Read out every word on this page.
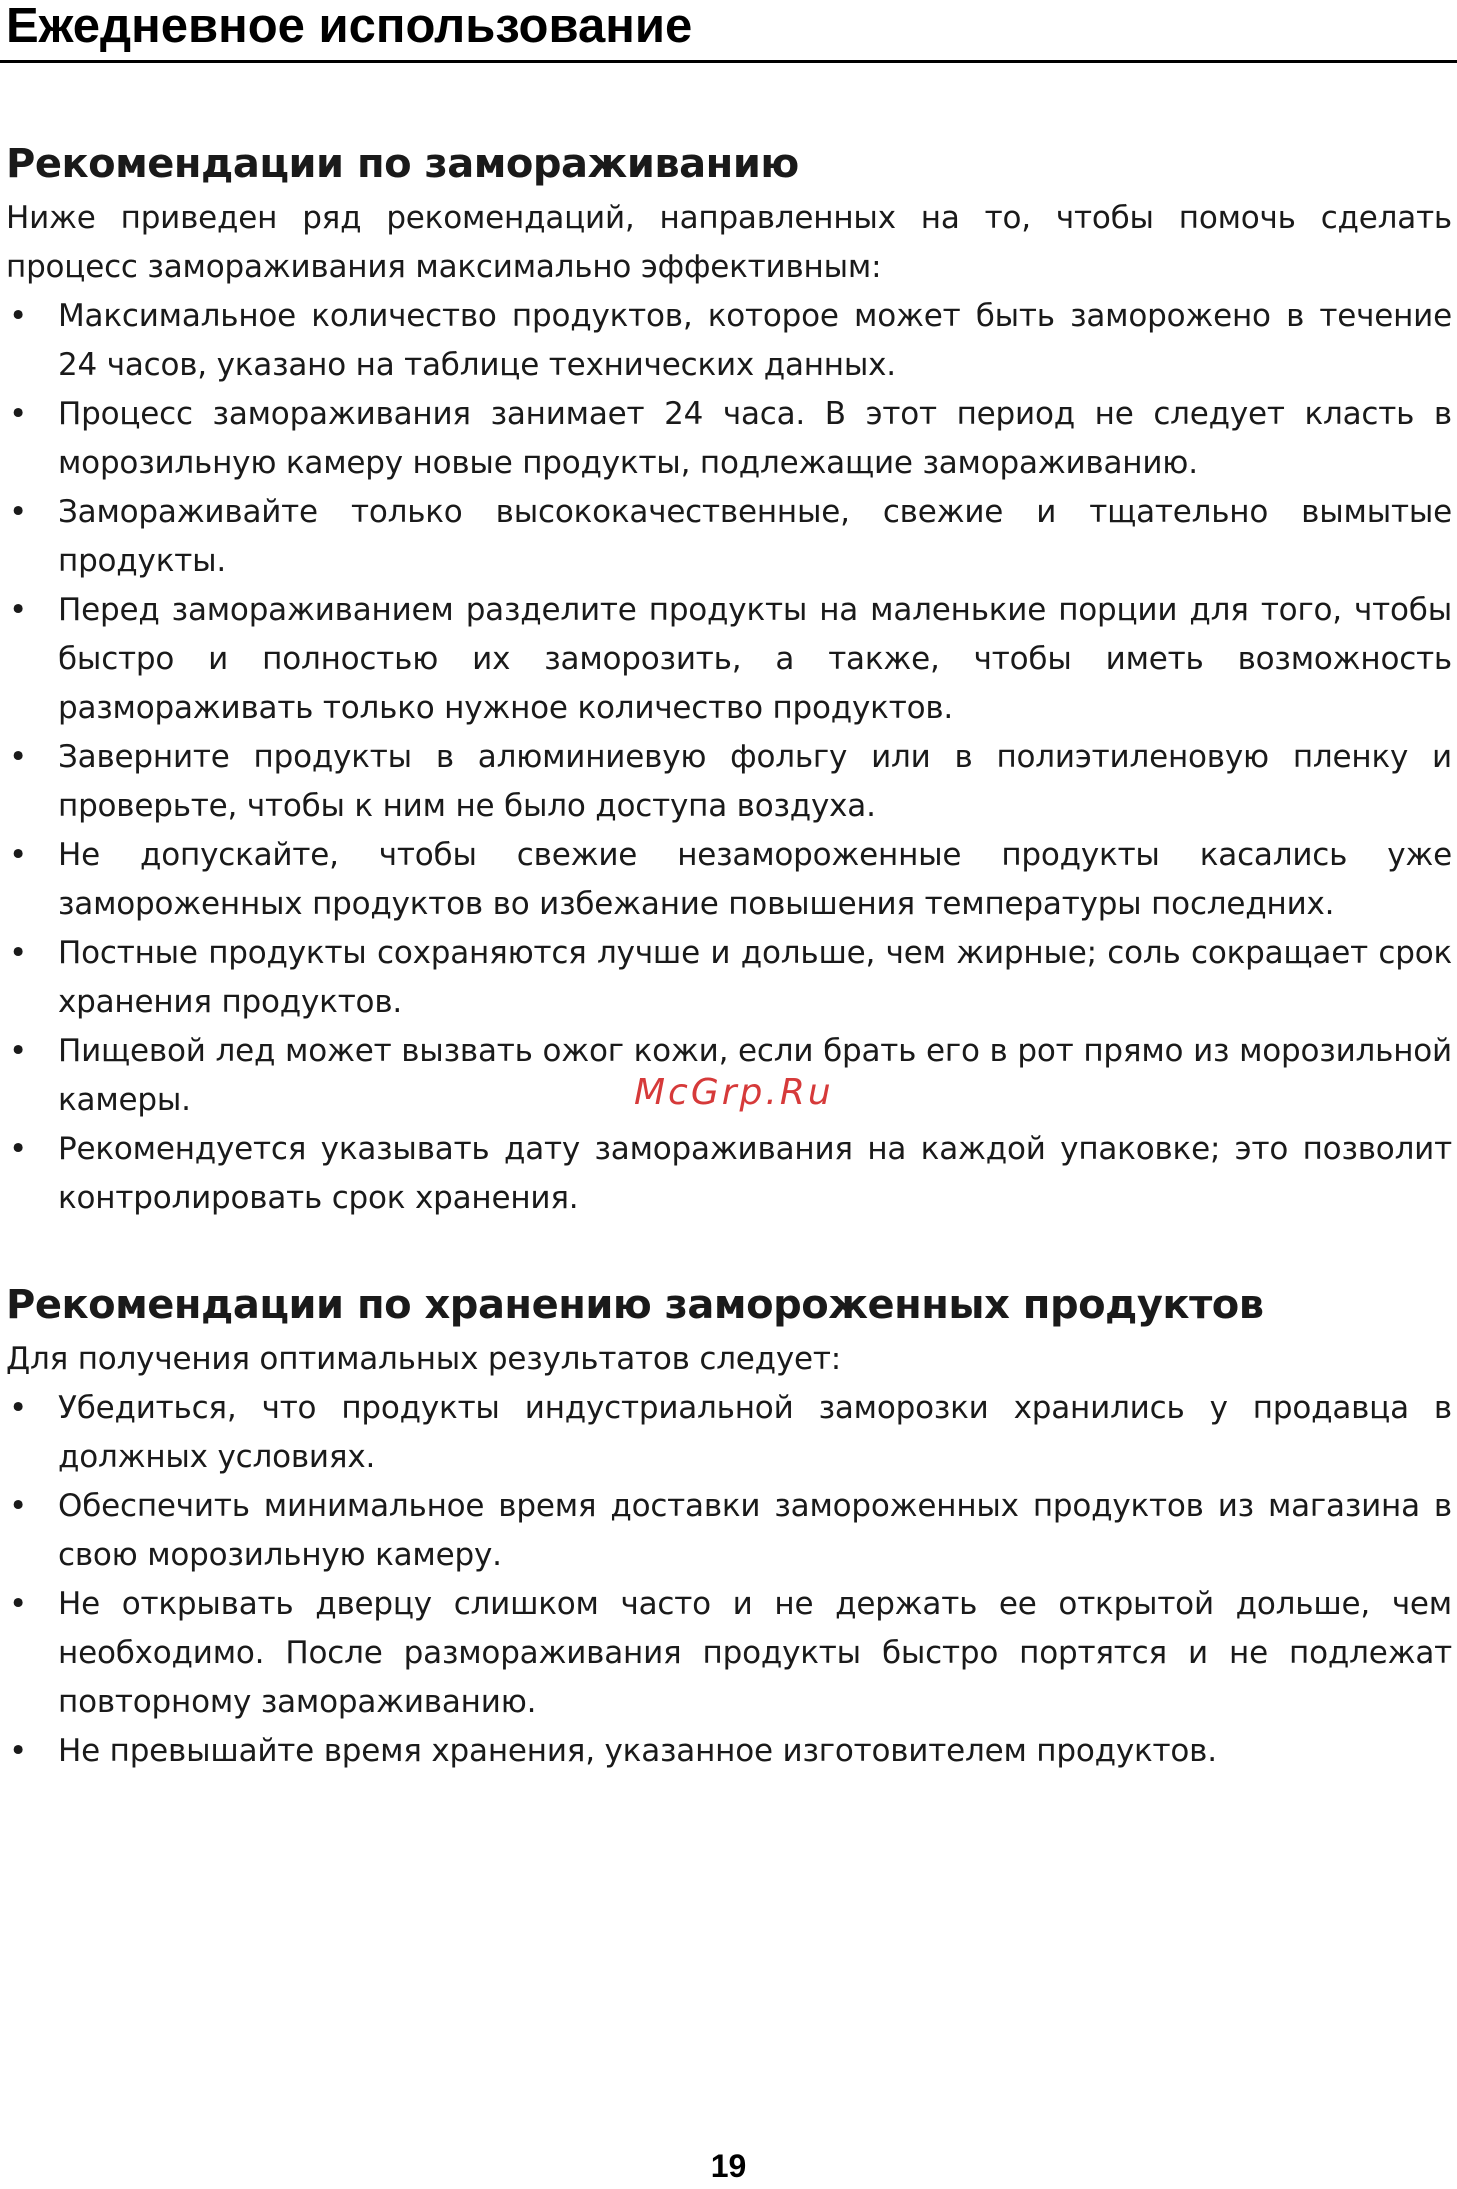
Ежедневное использование
Рекомендации по замораживанию

Ниже приведен ряд рекомендаций, направленных на то, чтобы помочь сделать процесс замораживания максимально эффективным:

• Максимальное количество продуктов, которое может быть заморожено в течение 24 часов, указано на таблице технических данных.
• Процесс замораживания занимает 24 часа. В этот период не следует класть в морозильную камеру новые продукты, подлежащие замораживанию.
• Замораживайте только высококачественные, свежие и тщательно вымытые продукты.
• Перед замораживанием разделите продукты на маленькие порции для того, чтобы быстро и полностью их заморозить, а также, чтобы иметь возможность размораживать только нужное количество продуктов.
• Заверните продукты в алюминиевую фольгу или в полиэтиленовую пленку и проверьте, чтобы к ним не было доступа воздуха.
• Не допускайте, чтобы свежие незамороженные продукты касались уже замороженных продуктов во избежание повышения температуры последних.
• Постные продукты сохраняются лучше и дольше, чем жирные; соль сокращает срок хранения продуктов.
• Пищевой лед может вызвать ожог кожи, если брать его в рот прямо из морозильной камеры.
• Рекомендуется указывать дату замораживания на каждой упаковке; это позволит контролировать срок хранения.
Рекомендации по хранению замороженных продуктов

Для получения оптимальных результатов следует:

• Убедиться, что продукты индустриальной заморозки хранились у продавца в должных условиях.
• Обеспечить минимальное время доставки замороженных продуктов из магазина в свою морозильную камеру.
• Не открывать дверцу слишком часто и не держать ее открытой дольше, чем необходимо. После размораживания продукты быстро портятся и не подлежат повторному замораживанию.
• Не превышайте время хранения, указанное изготовителем продуктов.
McGrp.Ru
19
